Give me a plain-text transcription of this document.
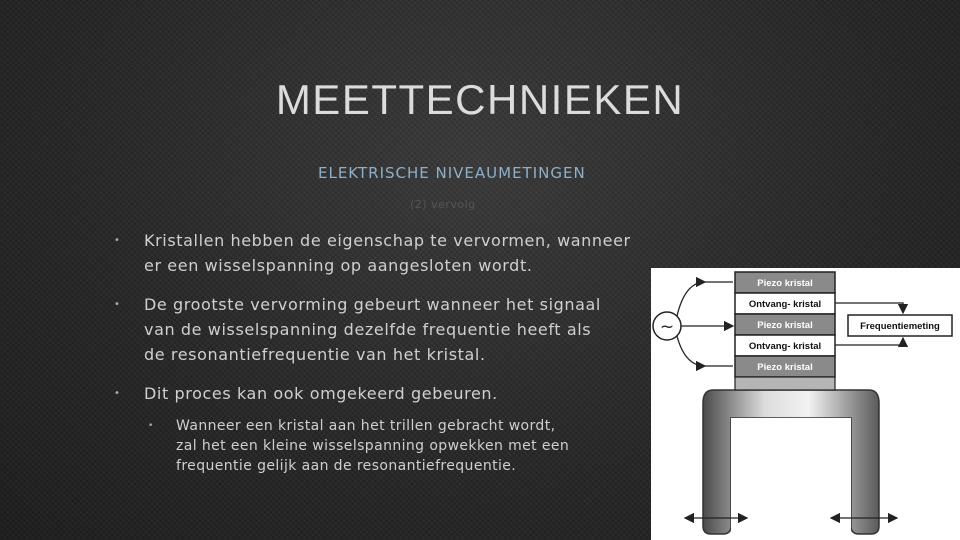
MEETTECHNIEKEN
ELEKTRISCHE NIVEAUMETINGEN
(2) vervolg
• Kristallen hebben de eigenschap te vervormen, wanneer
er een wisselspanning op aangesloten wordt.
• De grootste vervorming gebeurt wanneer het signaal
van de wisselspanning dezelfde frequentie heeft als
de resonantiefrequentie van het kristal.
• Dit proces kan ook omgekeerd gebeuren.
• Wanneer een kristal aan het trillen gebracht wordt,
zal het een kleine wisselspanning opwekken met een
frequentie gelijk aan de resonantiefrequentie.
Piezo kristal
Ontvang- kristal
Piezo kristal
Ontvang- kristal
Piezo kristal
~	Frequentiemeting
